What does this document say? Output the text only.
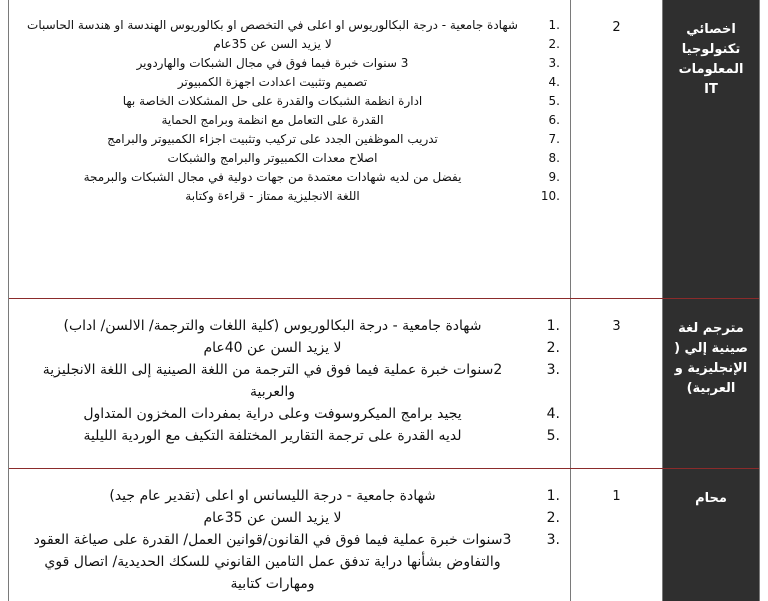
اخصائي
تكنولوجيا
المعلومات IT
2
1.
شهادة جامعية - درجة البكالوريوس او اعلى في التخصص او بكالوريوس الهندسة او هندسة الحاسبات
2.
لا يزيد السن عن 35عام
3.
3 سنوات خبرة فيما فوق في مجال الشبكات والهاردوير
4.
تصميم وتثبيت اعدادت اجهزة الكمبيوتر
5.
ادارة انظمة الشبكات والقدرة على حل المشكلات الخاصة بها
6.
القدرة على التعامل مع انظمة وبرامج الحماية
7.
تدريب الموظفين الجدد على تركيب وتثبيت اجزاء الكمبيوتر والبرامج
8.
اصلاح معدات الكمبيوتر والبرامج والشبكات
9.
يفضل من لديه شهادات معتمدة من جهات دولية في مجال الشبكات والبرمجة
10.
اللغة الانجليزية ممتاز - قراءة وكتابة
مترجم لغة
صينية إلي (
الإنجليزية و
العربية)
3
1.
شهادة جامعية - درجة البكالوريوس (كلية اللغات والترجمة/ الالسن/ اداب)
2.
لا يزيد السن عن 40عام
3.
2سنوات خبرة عملية فيما فوق في الترجمة من اللغة الصينية إلى اللغة الانجليزية والعربية
4.
يجيد برامج الميكروسوفت وعلى دراية بمفردات المخزون المتداول
5.
لديه القدرة على ترجمة التقارير المختلفة التكيف مع الوردية الليلية
محام
1
1.
شهادة جامعية - درجة الليسانس او اعلى (تقدير عام جيد)
2.
لا يزيد السن عن 35عام
3.
3سنوات خبرة عملية فيما فوق في القانون/قوانين العمل/ القدرة على صياغة العقود والتفاوض بشأنها دراية تدفق عمل التامين القانوني للسكك الحديدية/ اتصال قوي ومهارات كتابية
